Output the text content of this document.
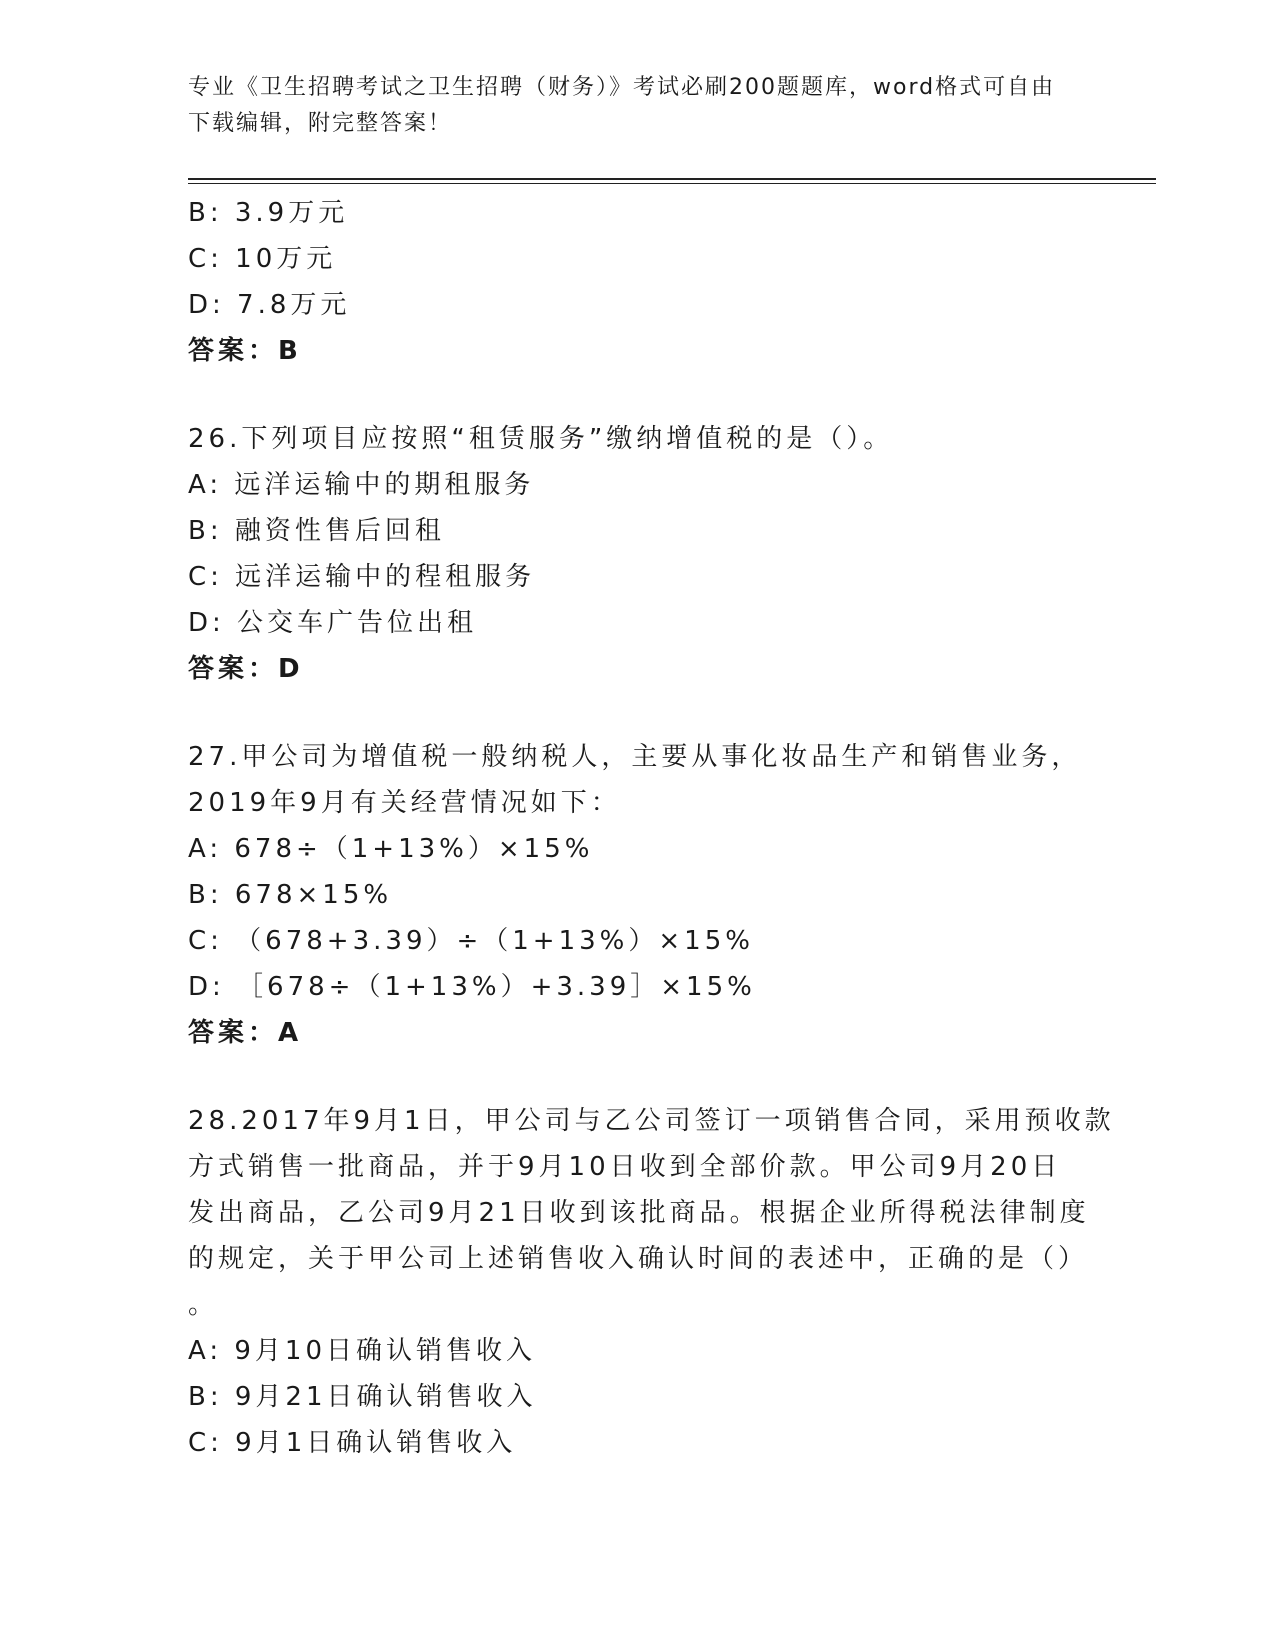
专业《卫生招聘考试之卫生招聘（财务）》考试必刷200题题库，word格式可自由下载编辑，附完整答案！
B: 3.9万元
C: 10万元
D: 7.8万元
答案：B
26.下列项目应按照“租赁服务”缴纳增值税的是（）。
A: 远洋运输中的期租服务
B: 融资性售后回租
C: 远洋运输中的程租服务
D: 公交车广告位出租
答案：D
27.甲公司为增值税一般纳税人，主要从事化妆品生产和销售业务，
2019年9月有关经营情况如下：
A: 678÷（1+13%）×15%
B: 678×15%
C: （678+3.39）÷（1+13%）×15%
D: ［678÷（1+13%）+3.39］×15%
答案：A
28.2017年9月1日，甲公司与乙公司签订一项销售合同，采用预收款
方式销售一批商品，并于9月10日收到全部价款。甲公司9月20日
发出商品，乙公司9月21日收到该批商品。根据企业所得税法律制度
的规定，关于甲公司上述销售收入确认时间的表述中，正确的是（）
。
A: 9月10日确认销售收入
B: 9月21日确认销售收入
C: 9月1日确认销售收入
